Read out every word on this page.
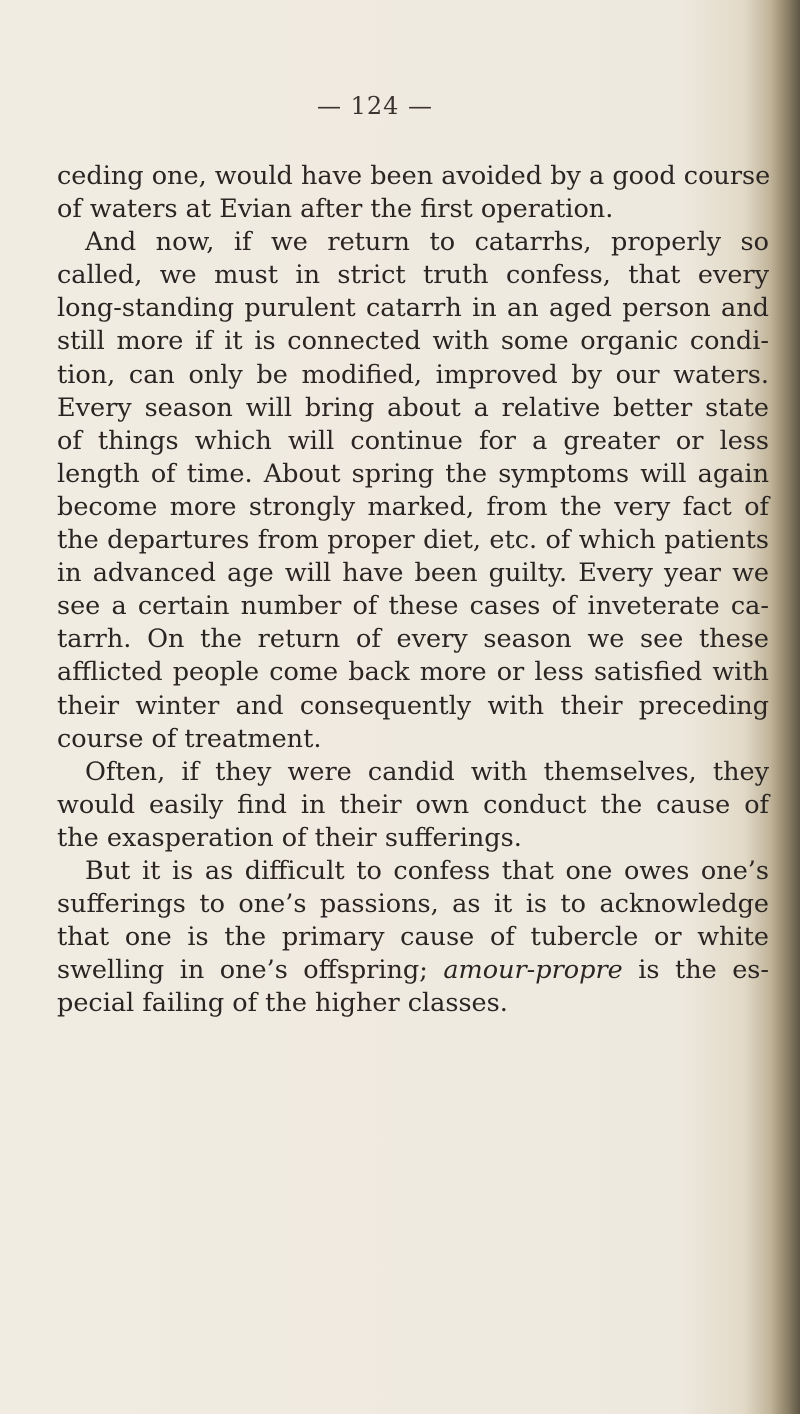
— 124 —
ceding one, would have been avoided by a good course
of waters at Evian after the first operation.
And now, if we return to catarrhs, properly so
called, we must in strict truth confess, that every
long-standing purulent catarrh in an aged person and
still more if it is connected with some organic condi-
tion, can only be modified, improved by our waters.
Every season will bring about a relative better state
of things which will continue for a greater or less
length of time. About spring the symptoms will again
become more strongly marked, from the very fact of
the departures from proper diet, etc. of which patients
in advanced age will have been guilty. Every year we
see a certain number of these cases of inveterate ca-
tarrh. On the return of every season we see these
afflicted people come back more or less satisfied with
their winter and consequently with their preceding
course of treatment.
Often, if they were candid with themselves, they
would easily find in their own conduct the cause of
the exasperation of their sufferings.
But it is as difficult to confess that one owes one’s
sufferings to one’s passions, as it is to acknowledge
that one is the primary cause of tubercle or white
swelling in one’s offspring; amour-propre is the es-
pecial failing of the higher classes.
